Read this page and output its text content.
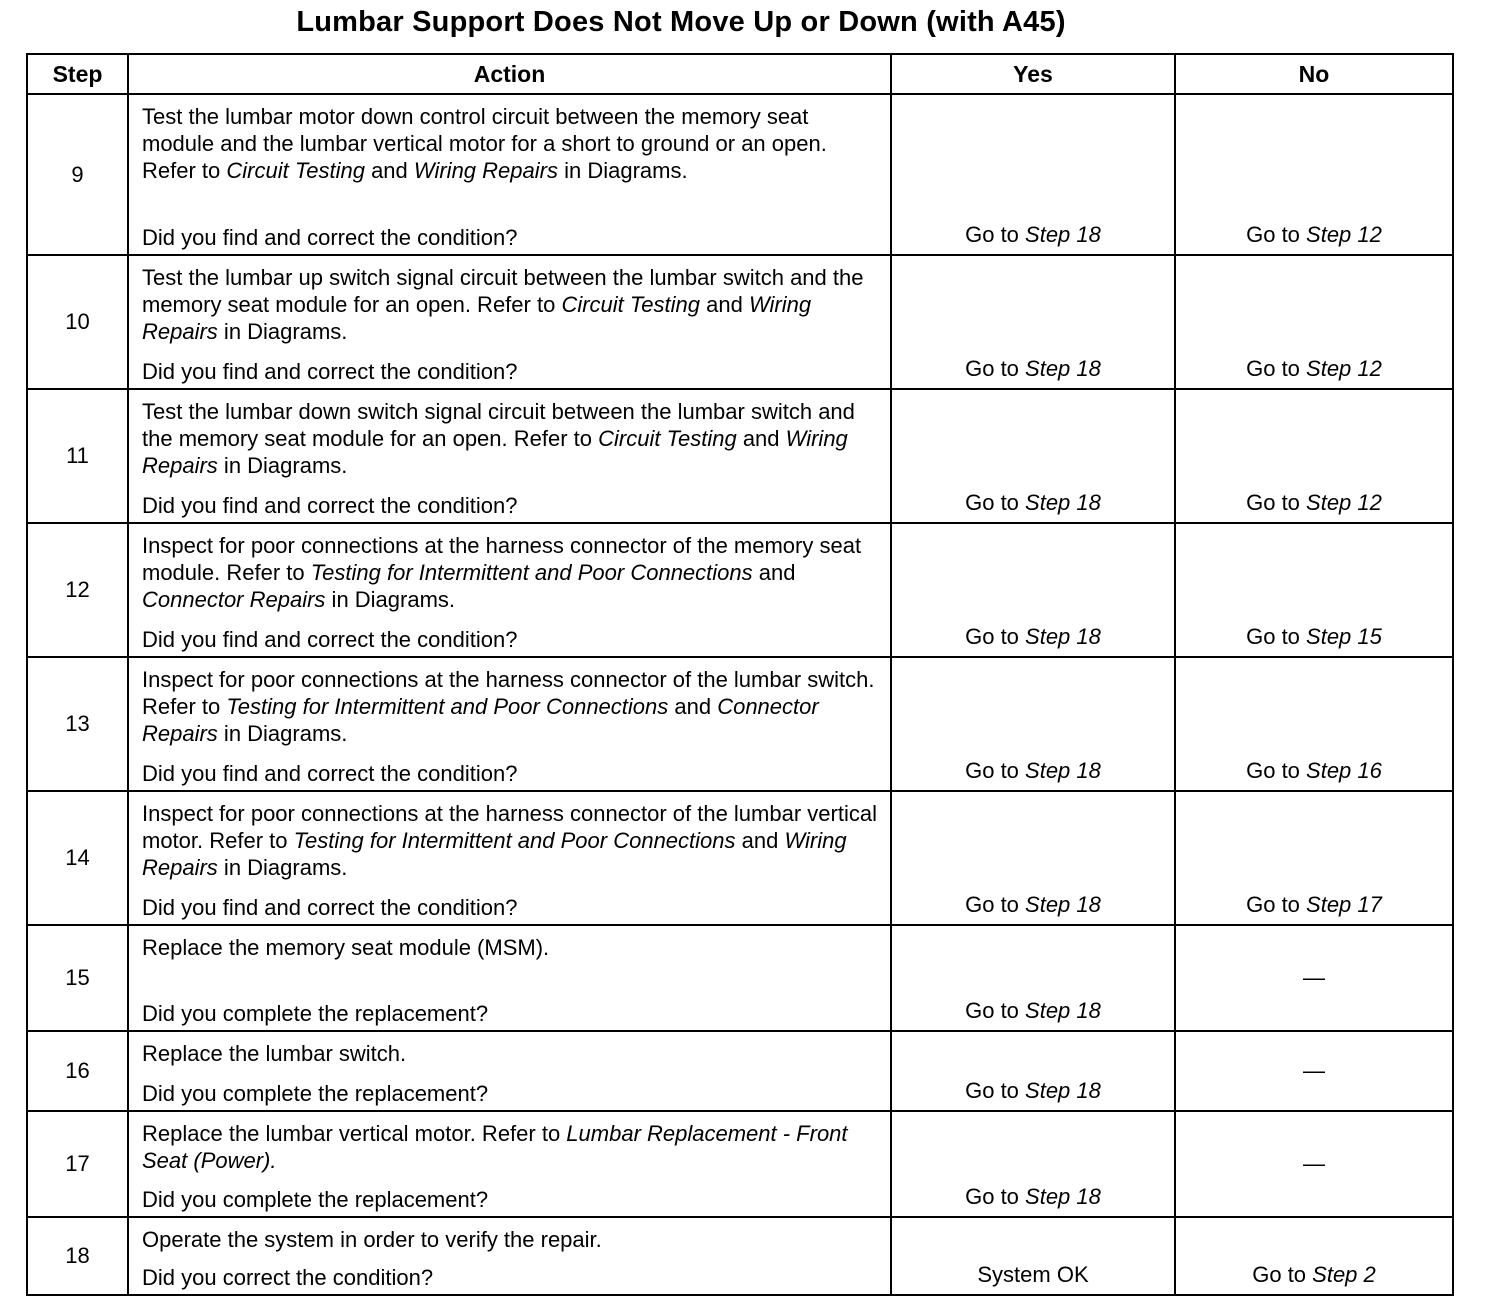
Lumbar Support Does Not Move Up or Down (with A45)
Step	Action	Yes	No
9	Test the lumbar motor down control circuit between the memory seat module and the lumbar vertical motor for a short to ground or an open. Refer to Circuit Testing and Wiring Repairs in Diagrams.
Did you find and correct the condition?	Go to Step 18	Go to Step 12
10	Test the lumbar up switch signal circuit between the lumbar switch and the memory seat module for an open. Refer to Circuit Testing and Wiring Repairs in Diagrams.
Did you find and correct the condition?	Go to Step 18	Go to Step 12
11	Test the lumbar down switch signal circuit between the lumbar switch and the memory seat module for an open. Refer to Circuit Testing and Wiring Repairs in Diagrams.
Did you find and correct the condition?	Go to Step 18	Go to Step 12
12	Inspect for poor connections at the harness connector of the memory seat module. Refer to Testing for Intermittent and Poor Connections and Connector Repairs in Diagrams.
Did you find and correct the condition?	Go to Step 18	Go to Step 15
13	Inspect for poor connections at the harness connector of the lumbar switch. Refer to Testing for Intermittent and Poor Connections and Connector Repairs in Diagrams.
Did you find and correct the condition?	Go to Step 18	Go to Step 16
14	Inspect for poor connections at the harness connector of the lumbar vertical motor. Refer to Testing for Intermittent and Poor Connections and Wiring Repairs in Diagrams.
Did you find and correct the condition?	Go to Step 18	Go to Step 17
15	Replace the memory seat module (MSM).
Did you complete the replacement?	Go to Step 18	—
16	Replace the lumbar switch.
Did you complete the replacement?	Go to Step 18	—
17	Replace the lumbar vertical motor. Refer to Lumbar Replacement - Front Seat (Power).
Did you complete the replacement?	Go to Step 18	—
18	Operate the system in order to verify the repair.
Did you correct the condition?	System OK	Go to Step 2
